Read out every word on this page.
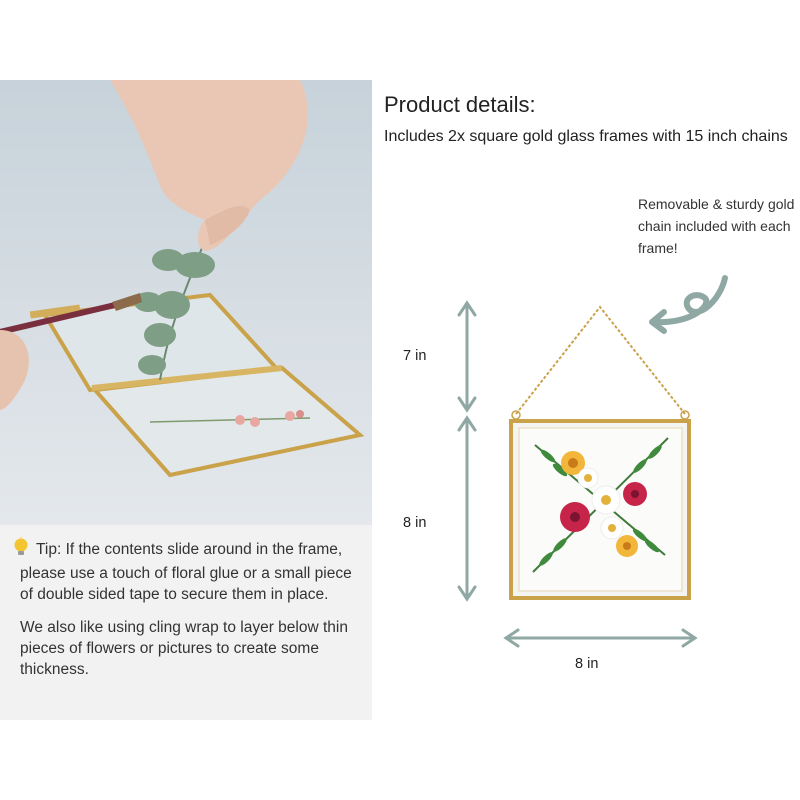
Tip: If the contents slide around in the frame, please use a touch of floral glue or a small piece of double sided tape to secure them in place.

We also like using cling wrap to layer below thin pieces of flowers or pictures to create some thickness.

Product details:

Includes 2x square gold glass frames with 15 inch chains

Removable & sturdy gold chain included with each frame!

7 in
8 in
8 in
